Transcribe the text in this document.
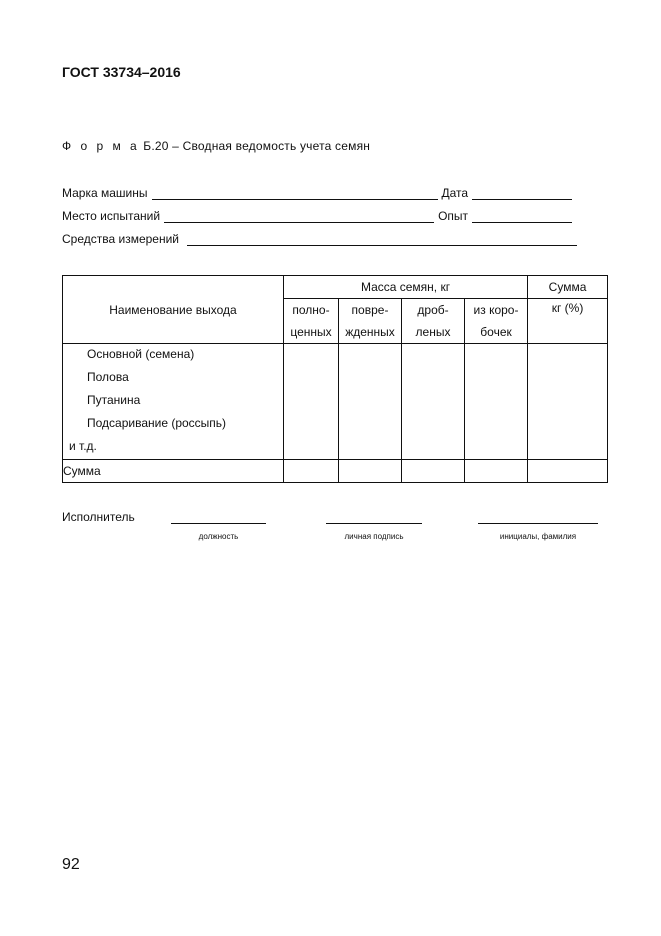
ГОСТ 33734–2016
Ф о р м а Б.20 – Сводная ведомость учета семян
Марка машины	Дата
Место испытаний	Опыт
Средства измерений
Наименование выхода	Масса семян, кг				Сумма
	полно-	повре-	дроб-	из коро-	кг (%)
	ценных	жденных	леных	бочек	

Основной (семена)
Полова
Путанина
Подсаривание (россыпь)
и т.д.					

Сумма					
Исполнитель
должность	личная подпись	инициалы, фамилия
92
